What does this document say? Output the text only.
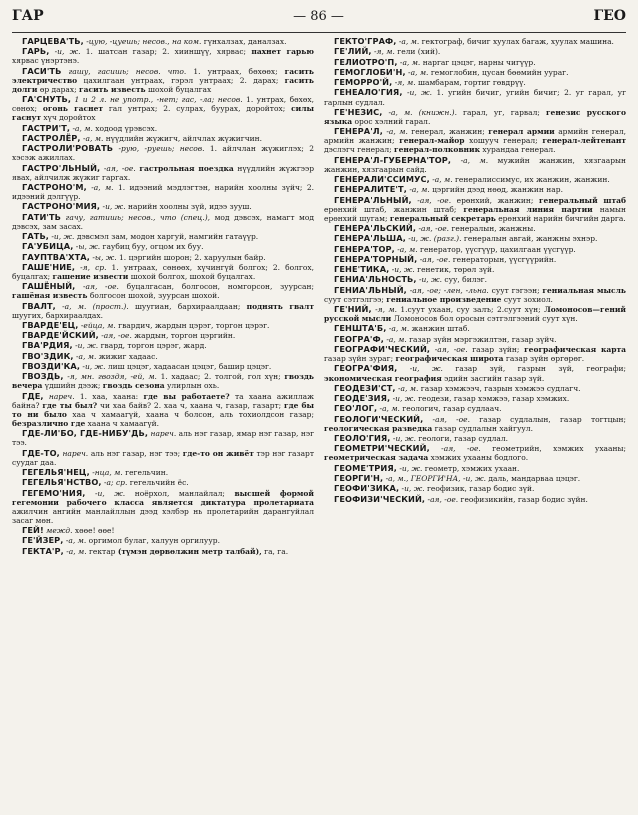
ГАР	— 86 —	ГЕО

ГАРЦЕВА'ТЬ, -цую, -цуешь; несов., на ком. гүнхалзах, даналзах.

ГАРЬ, -и, ж. 1. шатсан газар; 2. хииншүү, хярвас; пахнет гарью хярвас үнэртэнэ.

ГАСИ'ТЬ гашу, гасишь; несов. что. 1. унтраах, бөхөөх; гасить электричество цахилгаан унтраах, гэрэл унтраах; 2. дарах; гасить долги өр дарах; гасить известь шохой буцалгах

ГА'СНУТЬ, 1 и 2 л. не употр., -нет; гас, -ла; несов. 1. унтрах, бөхөх, сөнөх; огонь гаснет гал унтрах; 2. сулрах, буурах, доройтох; силы гаснут хүч доройтох

ГАСТРИ'Т, -а, м. ходоод үрэвсэх.

ГАСТРОЛЁР, -а, м. нүүдлийн жүжигч, айлчлах жүжигчин.

ГАСТРОЛИ'РОВАТЬ -рую, -руешь; несов. 1. айлчлан жүжиглэх; 2 хэсэж ажиллах.

ГАСТРО'ЛЬНЫЙ, -ая, -ое. гастрольная поездка нүүдлийн жүжгээр явах, айлчилж жүжиг гаргах.

ГАСТРОНО'М, -а, м. 1. идээний мэдлэгтэн, нарийн хоолны зүйч; 2. идээний дэлгүүр.

ГАСТРОНО'МИЯ, -и, ж. нарийн хоолны зүй, идээ зууш.

ГАТИ'ТЬ гачу, гатишь; несов., что (спец.), мод дэвсэх, намагт мод дэвсэх, зам засах.

ГАТЬ, -и, ж. дэвсмэл зам, модон харгуй, намгийн гатаүүр.

ГА'УБИЦА, -ы, ж. гаубиц буу, огцом их буу.

ГАУПТВА'ХТА, -ы, ж. 1. цэргийн шорон; 2. харуулын байр.

ГАШЕ'НИЕ, -я, ср. 1. унтраах, сөнөөх, хүчингүй болгох; 2. болгох, буцалгах; гашение извести шохой болгох, шохой буцалгах.

ГАШЁНЫЙ, -ая, -ое. буцалгасан, болгосон, номгорсон, зуурсан; гашёная известь болгосон шохой, зуурсан шохой.

ГВАЛТ, -а, м. (прост.). шуугиан, бархираалдаан; поднять гвалт шуугих, бархираалдах.

ГВАРДЕ'ЕЦ, -ейца, м. гвардич, жардын цэрэг, торгон цэрэг.

ГВАРДЕ'ЙСКИЙ, -ая, -ое. жардын, торгон цэргийн.

ГВА'РДИЯ, -и, ж. гвард, торгон цэрэг, жард.

ГВО'ЗДИК, -а, м. жижиг хадаас.

ГВОЗДИ'КА, -и, ж. лиш цэцэг, хадаасан цэцэг, башир цэцэг.

ГВОЗДЬ, -я, мн. гвоздя, -ей, м. 1. хадаас; 2. толгой, гол хүн; гвоздь вечера үдшийн дээж; гвоздь сезона улирлын охь.

ГДЕ, нареч. 1. хаа, хаана: где вы работаете? та хаана ажиллаж байна? где ты был? чи хаа байв? 2. хаа ч, хаана ч, газар, газарт; где бы то ни было хаа ч хамаагүй, хаана ч болсон, аль тохиолдсон газар; безразлично где хаана ч хамаагүй.

ГДЕ-ЛИ'БО, ГДЕ-НИБУ'ДЬ, нареч. аль нэг газар, ямар нэг газар, нэг тээ.

ГДЕ-ТО, нареч. аль нэг газар, нэг тээ; где-то он живёт тэр нэг газарт суудаг даа.

ГЕГЕЛЬЯ'НЕЦ, -нца, м. гегельчин.

ГЕГЕЛЬЯ'НСТВО, -а; ср. гегельчийн ёс.

ГЕГЕМО'НИЯ, -и, ж. ноёрхол, манлайлал; высшей формой гегемонии рабочего класса является диктатура пролетариата ажилчин ангийн манлайллын дээд хэлбэр нь пролетарийн дарангуйлал засаг мөн.

ГЕЙ! межд. хөөе! өөе!

ГЕ'ЙЗЕР, -а, м. оргимол булаг, халуун оргилуур.

ГЕКТА'Р, -а, м. гектар (түмэн дөрвөлжин метр талбай), га, га.

ГЕКТО'ГРАФ, -а, м. гектограф, бичиг хуулах багаж, хуулах машина.

ГЕ'ЛИЙ, -я, м. гели (хий).

ГЕЛИОТРО'П, -а, м. наргаг цэцэг, нарны чигүүр.

ГЕМОГЛОБИ'Н, -а, м. гемоглобин, цусан бөөмийн уураг.

ГЕМОРРО'Й, -я, м. шамбарам, гортиг гөвдрүү.

ГЕНЕАЛО'ГИЯ, -и, ж. 1. угийн бичиг, угийн бичиг; 2. уг гарал, уг гарлын судлал.

ГЕ'НЕЗИС, -а, м. (книжн.). гарал, уг, гарвал; генезис русского языка орос хэлний гарал.

ГЕНЕРА'Л, -а, м. генерал, жанжин; генерал армии армийн генерал, армийн жанжин; генерал-майор хошууч генерал; генерал-лейтенант дэслэгч генерал; генерал-полковник хурандаа генерал.

ГЕНЕРА'Л-ГУБЕРНА'ТОР, -а, м. мужийн жанжин, хязгаарын жанжин, хязгаарын сайд.

ГЕНЕРАЛИ'ССИМУС, -а, м. генералиссимус, их жанжин, жанжин.

ГЕНЕРАЛИТЕ'Т, -а, м. цэргийн дээд нөөд, жанжин нар.

ГЕНЕРА'ЛЬНЫЙ, -ая, -ое. ерөнхий, жанжин; генеральный штаб ерөнхий штаб, жанжин штаб; генеральная линия партии намын ерөнхий шугам; генеральный секретарь ерөнхий нарийн бичгийн дарга.

ГЕНЕРА'ЛЬСКИЙ, -ая, -ое. генералын, жанжны.

ГЕНЕРА'ЛЬША, -и, ж. (разг.). генералын авгай, жанжны эхнэр.

ГЕНЕРА'ТОР, -а, м. генератор, үүсгүүр, цахилгаан үүсгүүр.

ГЕНЕРА'ТОРНЫЙ, -ая, -ое. генераторын, үүсгүүрийн.

ГЕНЕ'ТИКА, -и, ж. генетик, төрөл зүй.

ГЕНИА'ЛЬНОСТЬ, -и, ж. суу, билэг.

ГЕНИА'ЛЬНЫЙ, -ая, -ое; -лен, -льна. суут гэгээн; гениальная мысль суут сэтгэлгээ; гениальное произведение суут зохиол.

ГЕ'НИЙ, -я, м. 1.суут ухаан, суу залъ; 2.суут хүн; Ломоносов—гений русской мысли Ломоносов бол оросын сэтгэлгээний суут хүн.

ГЕНШТА'Б, -а, м. жанжин штаб.

ГЕОГРА'Ф, -а, м. газар зүйн мэргэжилтэн, газар зүйч.

ГЕОГРАФИ'ЧЕСКИЙ, -ая, -ое. газар зүйн; географическая карта газар зүйн зураг; географическая широта газар зүйн өргөрөг.

ГЕОГРА'ФИЯ, -и, ж. газар зүй, газрын зүй, географи; экономическая география эдийн засгийн газар зүй.

ГЕОДЕЗИ'СТ, -а, м. газар хэмжээч, газрын хэмжээ судлагч.

ГЕОДЕ'ЗИЯ, -и, ж. геодези, газар хэмжээ, газар хэмжих.

ГЕО'ЛОГ, -а, м. геологич, газар судлаач.

ГЕОЛОГИ'ЧЕСКИЙ, -ая, -ое. газар судлалын, газар тогтцын; геологическая разведка газар судлалын хайгуул.

ГЕОЛО'ГИЯ, -и, ж. геологи, газар судлал.

ГЕОМЕТРИ'ЧЕСКИЙ, -ая, -ое. геометрийн, хэмжих ухааны; геометрическая задача хэмжих ухааны бодлого.

ГЕОМЕ'ТРИЯ, -и, ж. геометр, хэмжих ухаан.

ГЕОРГИ'Н, -а, м., ГЕОРГИ'НА, -и, ж. даль, мандарваа цэцэг.

ГЕОФИ'ЗИКА, -и, ж. геофизик, газар бодис зүй.

ГЕОФИЗИ'ЧЕСКИЙ, -ая, -ое. геофизикийн, газар бодис зүйн.
